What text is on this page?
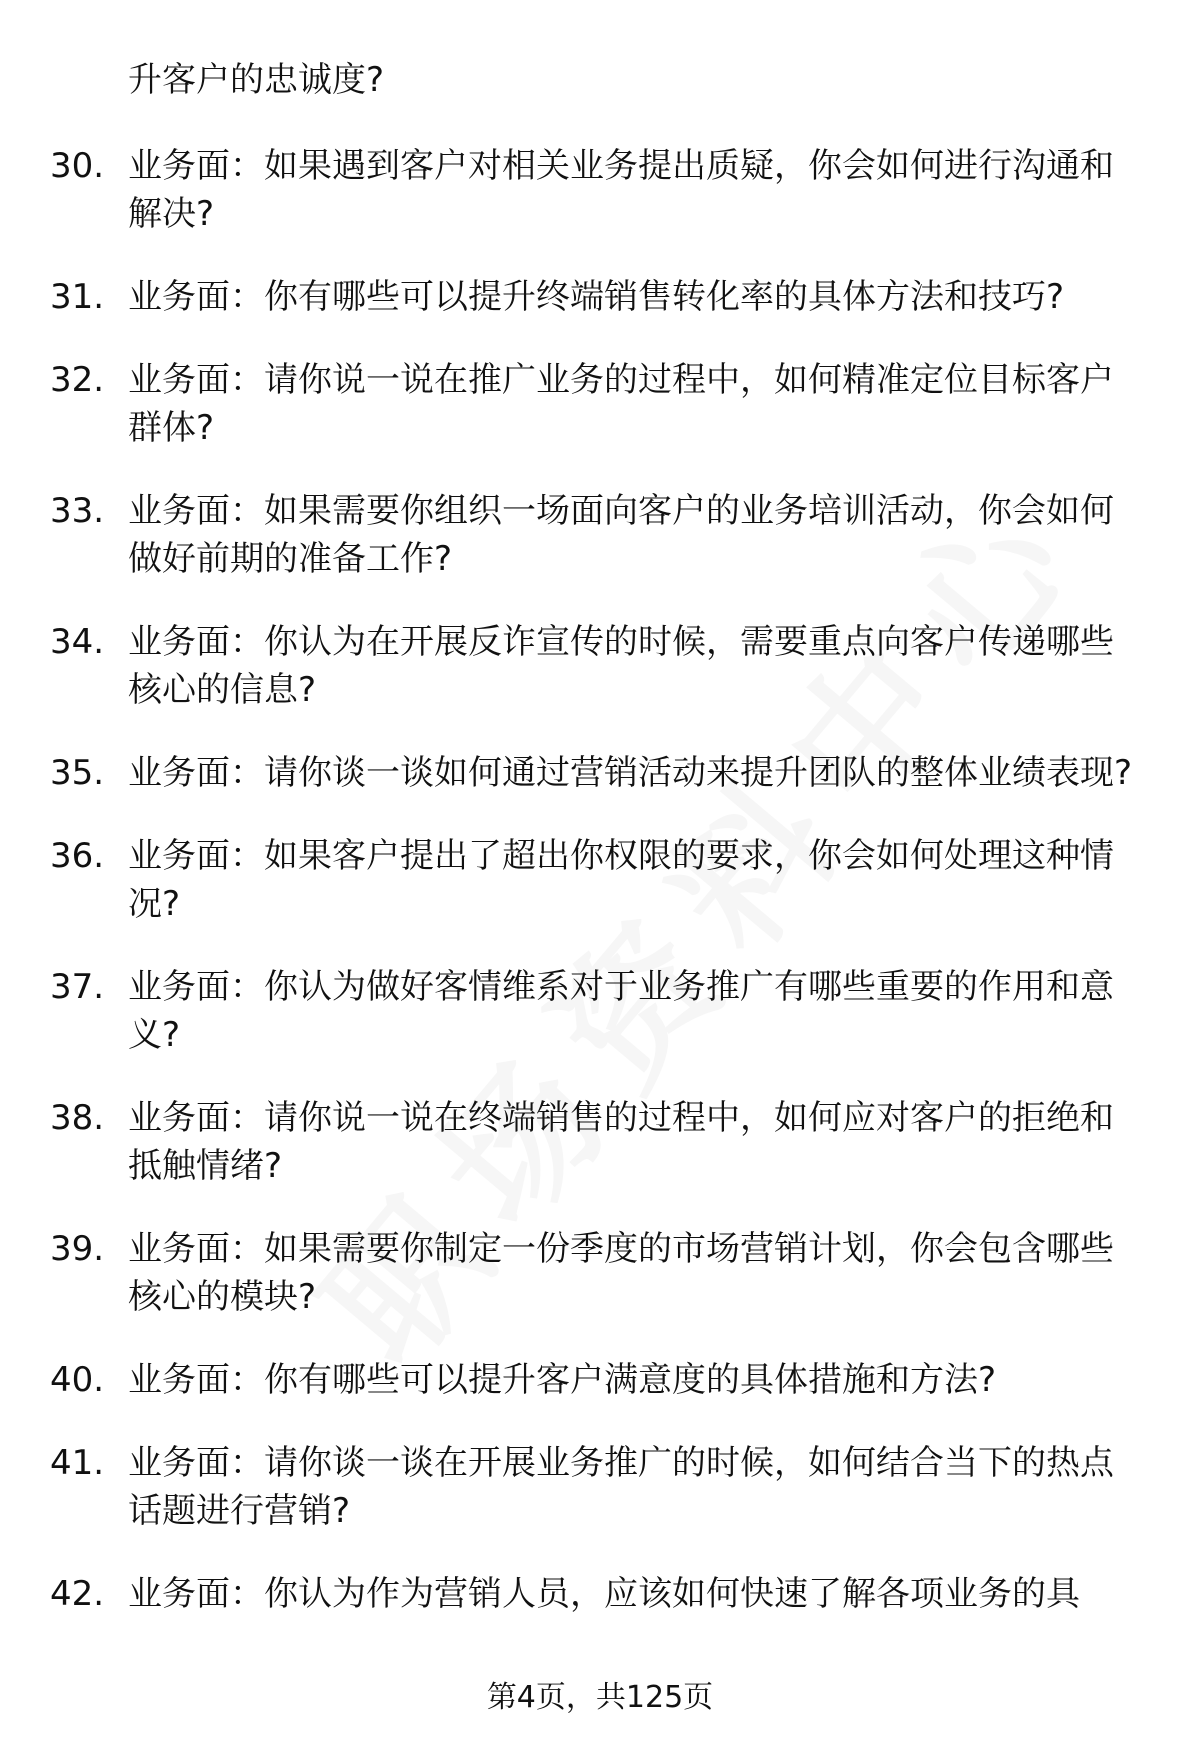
升客户的忠诚度?
30. 业务面：如果遇到客户对相关业务提出质疑，你会如何进行沟通和解决?
31. 业务面：你有哪些可以提升终端销售转化率的具体方法和技巧?
32. 业务面：请你说一说在推广业务的过程中，如何精准定位目标客户群体?
33. 业务面：如果需要你组织一场面向客户的业务培训活动，你会如何做好前期的准备工作?
34. 业务面：你认为在开展反诈宣传的时候，需要重点向客户传递哪些核心的信息?
35. 业务面：请你谈一谈如何通过营销活动来提升团队的整体业绩表现?
36. 业务面：如果客户提出了超出你权限的要求，你会如何处理这种情况?
37. 业务面：你认为做好客情维系对于业务推广有哪些重要的作用和意义?
38. 业务面：请你说一说在终端销售的过程中，如何应对客户的拒绝和抵触情绪?
39. 业务面：如果需要你制定一份季度的市场营销计划，你会包含哪些核心的模块?
40. 业务面：你有哪些可以提升客户满意度的具体措施和方法?
41. 业务面：请你谈一谈在开展业务推广的时候，如何结合当下的热点话题进行营销?
42. 业务面：你认为作为营销人员，应该如何快速了解各项业务的具
第4页，共125页
